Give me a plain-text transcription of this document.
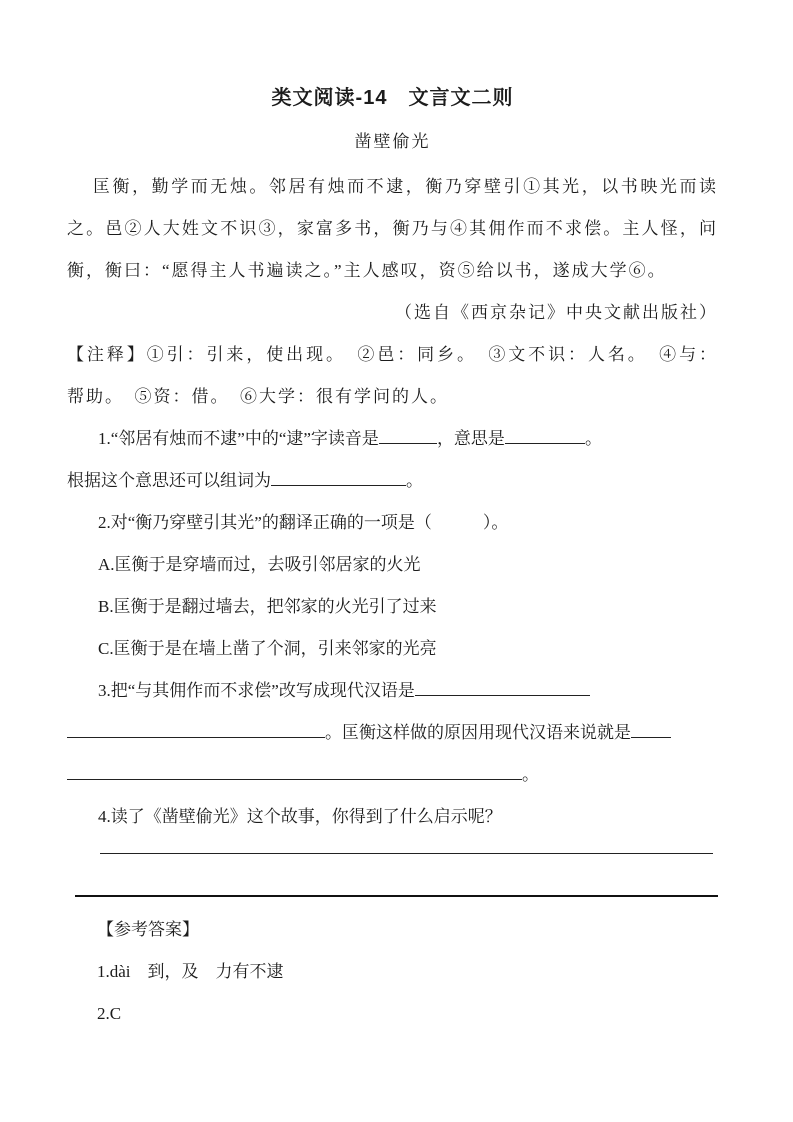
类文阅读-14　文言文二则
凿壁偷光
匡衡，勤学而无烛。邻居有烛而不逮，衡乃穿壁引①其光，以书映光而读
之。邑②人大姓文不识③，家富多书，衡乃与④其佣作而不求偿。主人怪，问
衡，衡曰：“愿得主人书遍读之。”主人感叹，资⑤给以书，遂成大学⑥。
（选自《西京杂记》中央文献出版社）
【注释】①引：引来，使出现。　②邑：同乡。　③文不识：人名。　④与：
帮助。　⑤资：借。　⑥大学：很有学问的人。
1.“邻居有烛而不逮”中的“逮”字读音是	，意思是	。
根据这个意思还可以组词为	。
2.对“衡乃穿壁引其光”的翻译正确的一项是（　　　）。
A.匡衡于是穿墙而过，去吸引邻居家的火光
B.匡衡于是翻过墙去，把邻家的火光引了过来
C.匡衡于是在墙上凿了个洞，引来邻家的光亮
3.把“与其佣作而不求偿”改写成现代汉语是
。匡衡这样做的原因用现代汉语来说就是
。
4.读了《凿壁偷光》这个故事，你得到了什么启示呢？
【参考答案】
1.dài　到，及　力有不逮
2.C
